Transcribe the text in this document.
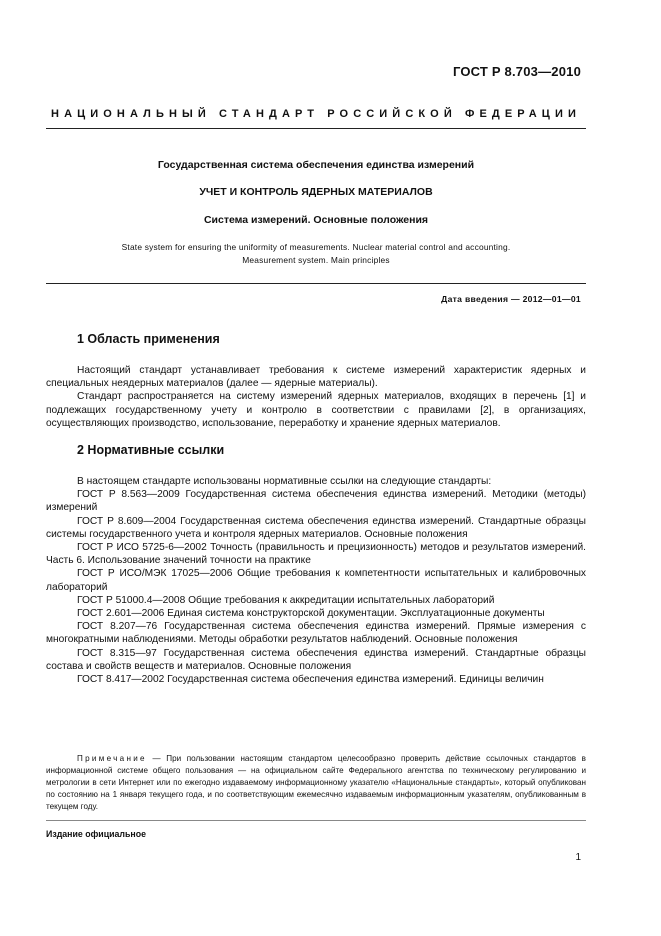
ГОСТ Р 8.703—2010
НАЦИОНАЛЬНЫЙ СТАНДАРТ РОССИЙСКОЙ ФЕДЕРАЦИИ
Государственная система обеспечения единства измерений
УЧЕТ И КОНТРОЛЬ ЯДЕРНЫХ МАТЕРИАЛОВ
Система измерений. Основные положения
State system for ensuring the uniformity of measurements. Nuclear material control and accounting.
Measurement system. Main principles
Дата введения — 2012—01—01
1 Область применения

Настоящий стандарт устанавливает требования к системе измерений характеристик ядерных и специальных неядерных материалов (далее — ядерные материалы).

Стандарт распространяется на систему измерений ядерных материалов, входящих в перечень [1] и подлежащих государственному учету и контролю в соответствии с правилами [2], в организациях, осуществляющих производство, использование, переработку и хранение ядерных материалов.

2 Нормативные ссылки

В настоящем стандарте использованы нормативные ссылки на следующие стандарты:

ГОСТ Р 8.563—2009 Государственная система обеспечения единства измерений. Методики (методы) измерений

ГОСТ Р 8.609—2004 Государственная система обеспечения единства измерений. Стандартные образцы системы государственного учета и контроля ядерных материалов. Основные положения

ГОСТ Р ИСО 5725-6—2002 Точность (правильность и прецизионность) методов и результатов измерений. Часть 6. Использование значений точности на практике

ГОСТ Р ИСО/МЭК 17025—2006 Общие требования к компетентности испытательных и калибровочных лабораторий

ГОСТ Р 51000.4—2008 Общие требования к аккредитации испытательных лабораторий

ГОСТ 2.601—2006 Единая система конструкторской документации. Эксплуатационные документы

ГОСТ 8.207—76 Государственная система обеспечения единства измерений. Прямые измерения с многократными наблюдениями. Методы обработки результатов наблюдений. Основные положения

ГОСТ 8.315—97 Государственная система обеспечения единства измерений. Стандартные образцы состава и свойств веществ и материалов. Основные положения

ГОСТ 8.417—2002 Государственная система обеспечения единства измерений. Единицы величин

Примечание — При пользовании настоящим стандартом целесообразно проверить действие ссылочных стандартов в информационной системе общего пользования — на официальном сайте Федерального агентства по техническому регулированию и метрологии в сети Интернет или по ежегодно издаваемому информационному указателю «Национальные стандарты», который опубликован по состоянию на 1 января текущего года, и по соответствующим ежемесячно издаваемым информационным указателям, опубликованным в текущем году.

Издание официальное
1
